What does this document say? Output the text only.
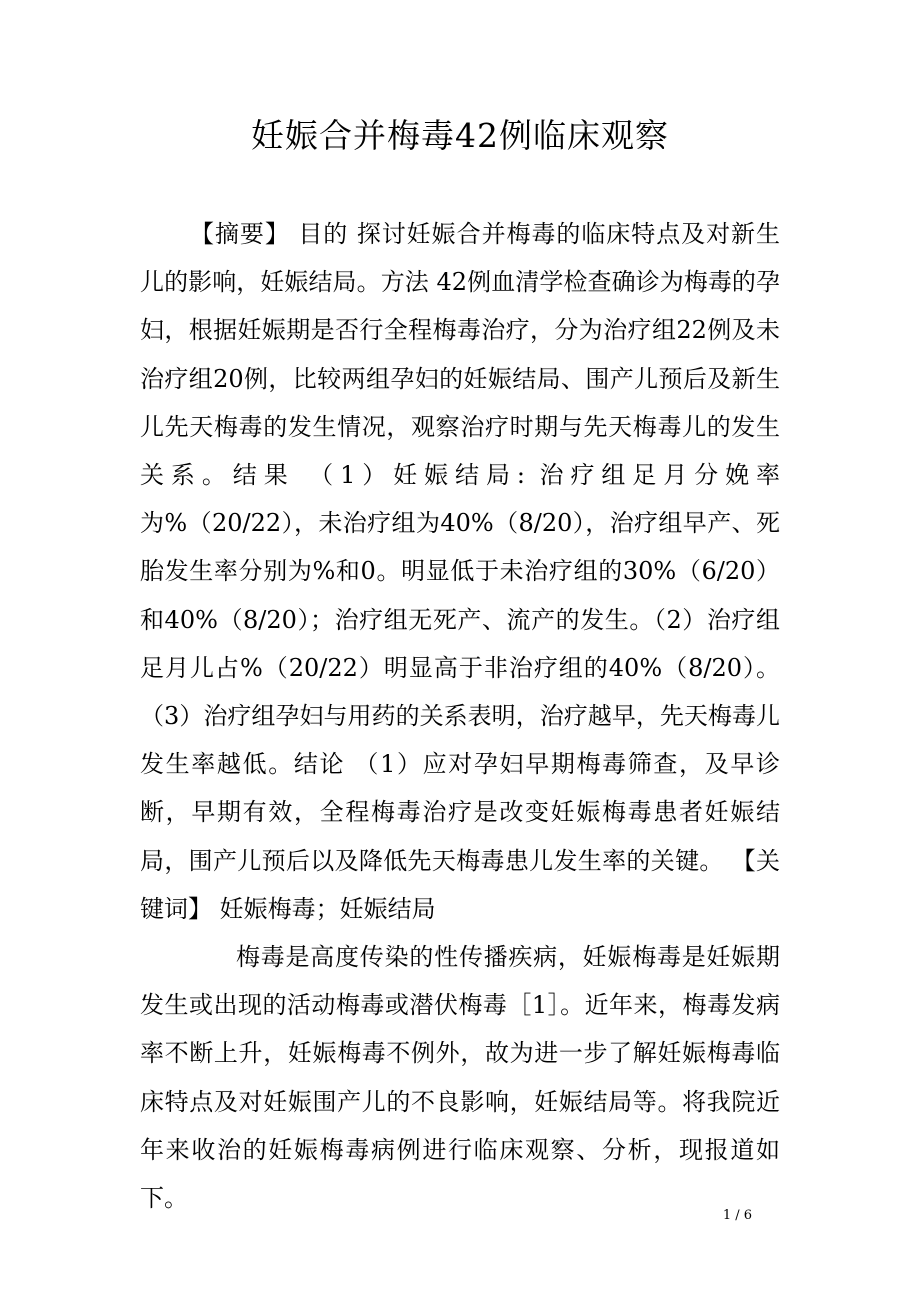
妊娠合并梅毒42例临床观察

【摘要】 目的 探讨妊娠合并梅毒的临床特点及对新生儿的影响，妊娠结局。方法 42例血清学检查确诊为梅毒的孕妇，根据妊娠期是否行全程梅毒治疗，分为治疗组22例及未治疗组20例，比较两组孕妇的妊娠结局、围产儿预后及新生儿先天梅毒的发生情况，观察治疗时期与先天梅毒儿的发生关系。结果 （1）妊娠结局: 治疗组足月分娩率为%（20/22），未治疗组为40%（8/20），治疗组早产、死胎发生率分别为%和0。明显低于未治疗组的30%（6/20）和40%（8/20）；治疗组无死产、流产的发生。（2）治疗组足月儿占%（20/22）明显高于非治疗组的40%（8/20）。（3）治疗组孕妇与用药的关系表明，治疗越早，先天梅毒儿发生率越低。结论 （1）应对孕妇早期梅毒筛查，及早诊断，早期有效，全程梅毒治疗是改变妊娠梅毒患者妊娠结局，围产儿预后以及降低先天梅毒患儿发生率的关键。 【关键词】 妊娠梅毒；妊娠结局

梅毒是高度传染的性传播疾病，妊娠梅毒是妊娠期发生或出现的活动梅毒或潜伏梅毒［1］。近年来，梅毒发病率不断上升，妊娠梅毒不例外，故为进一步了解妊娠梅毒临床特点及对妊娠围产儿的不良影响，妊娠结局等。将我院近年来收治的妊娠梅毒病例进行临床观察、分析，现报道如下。

1 / 6
